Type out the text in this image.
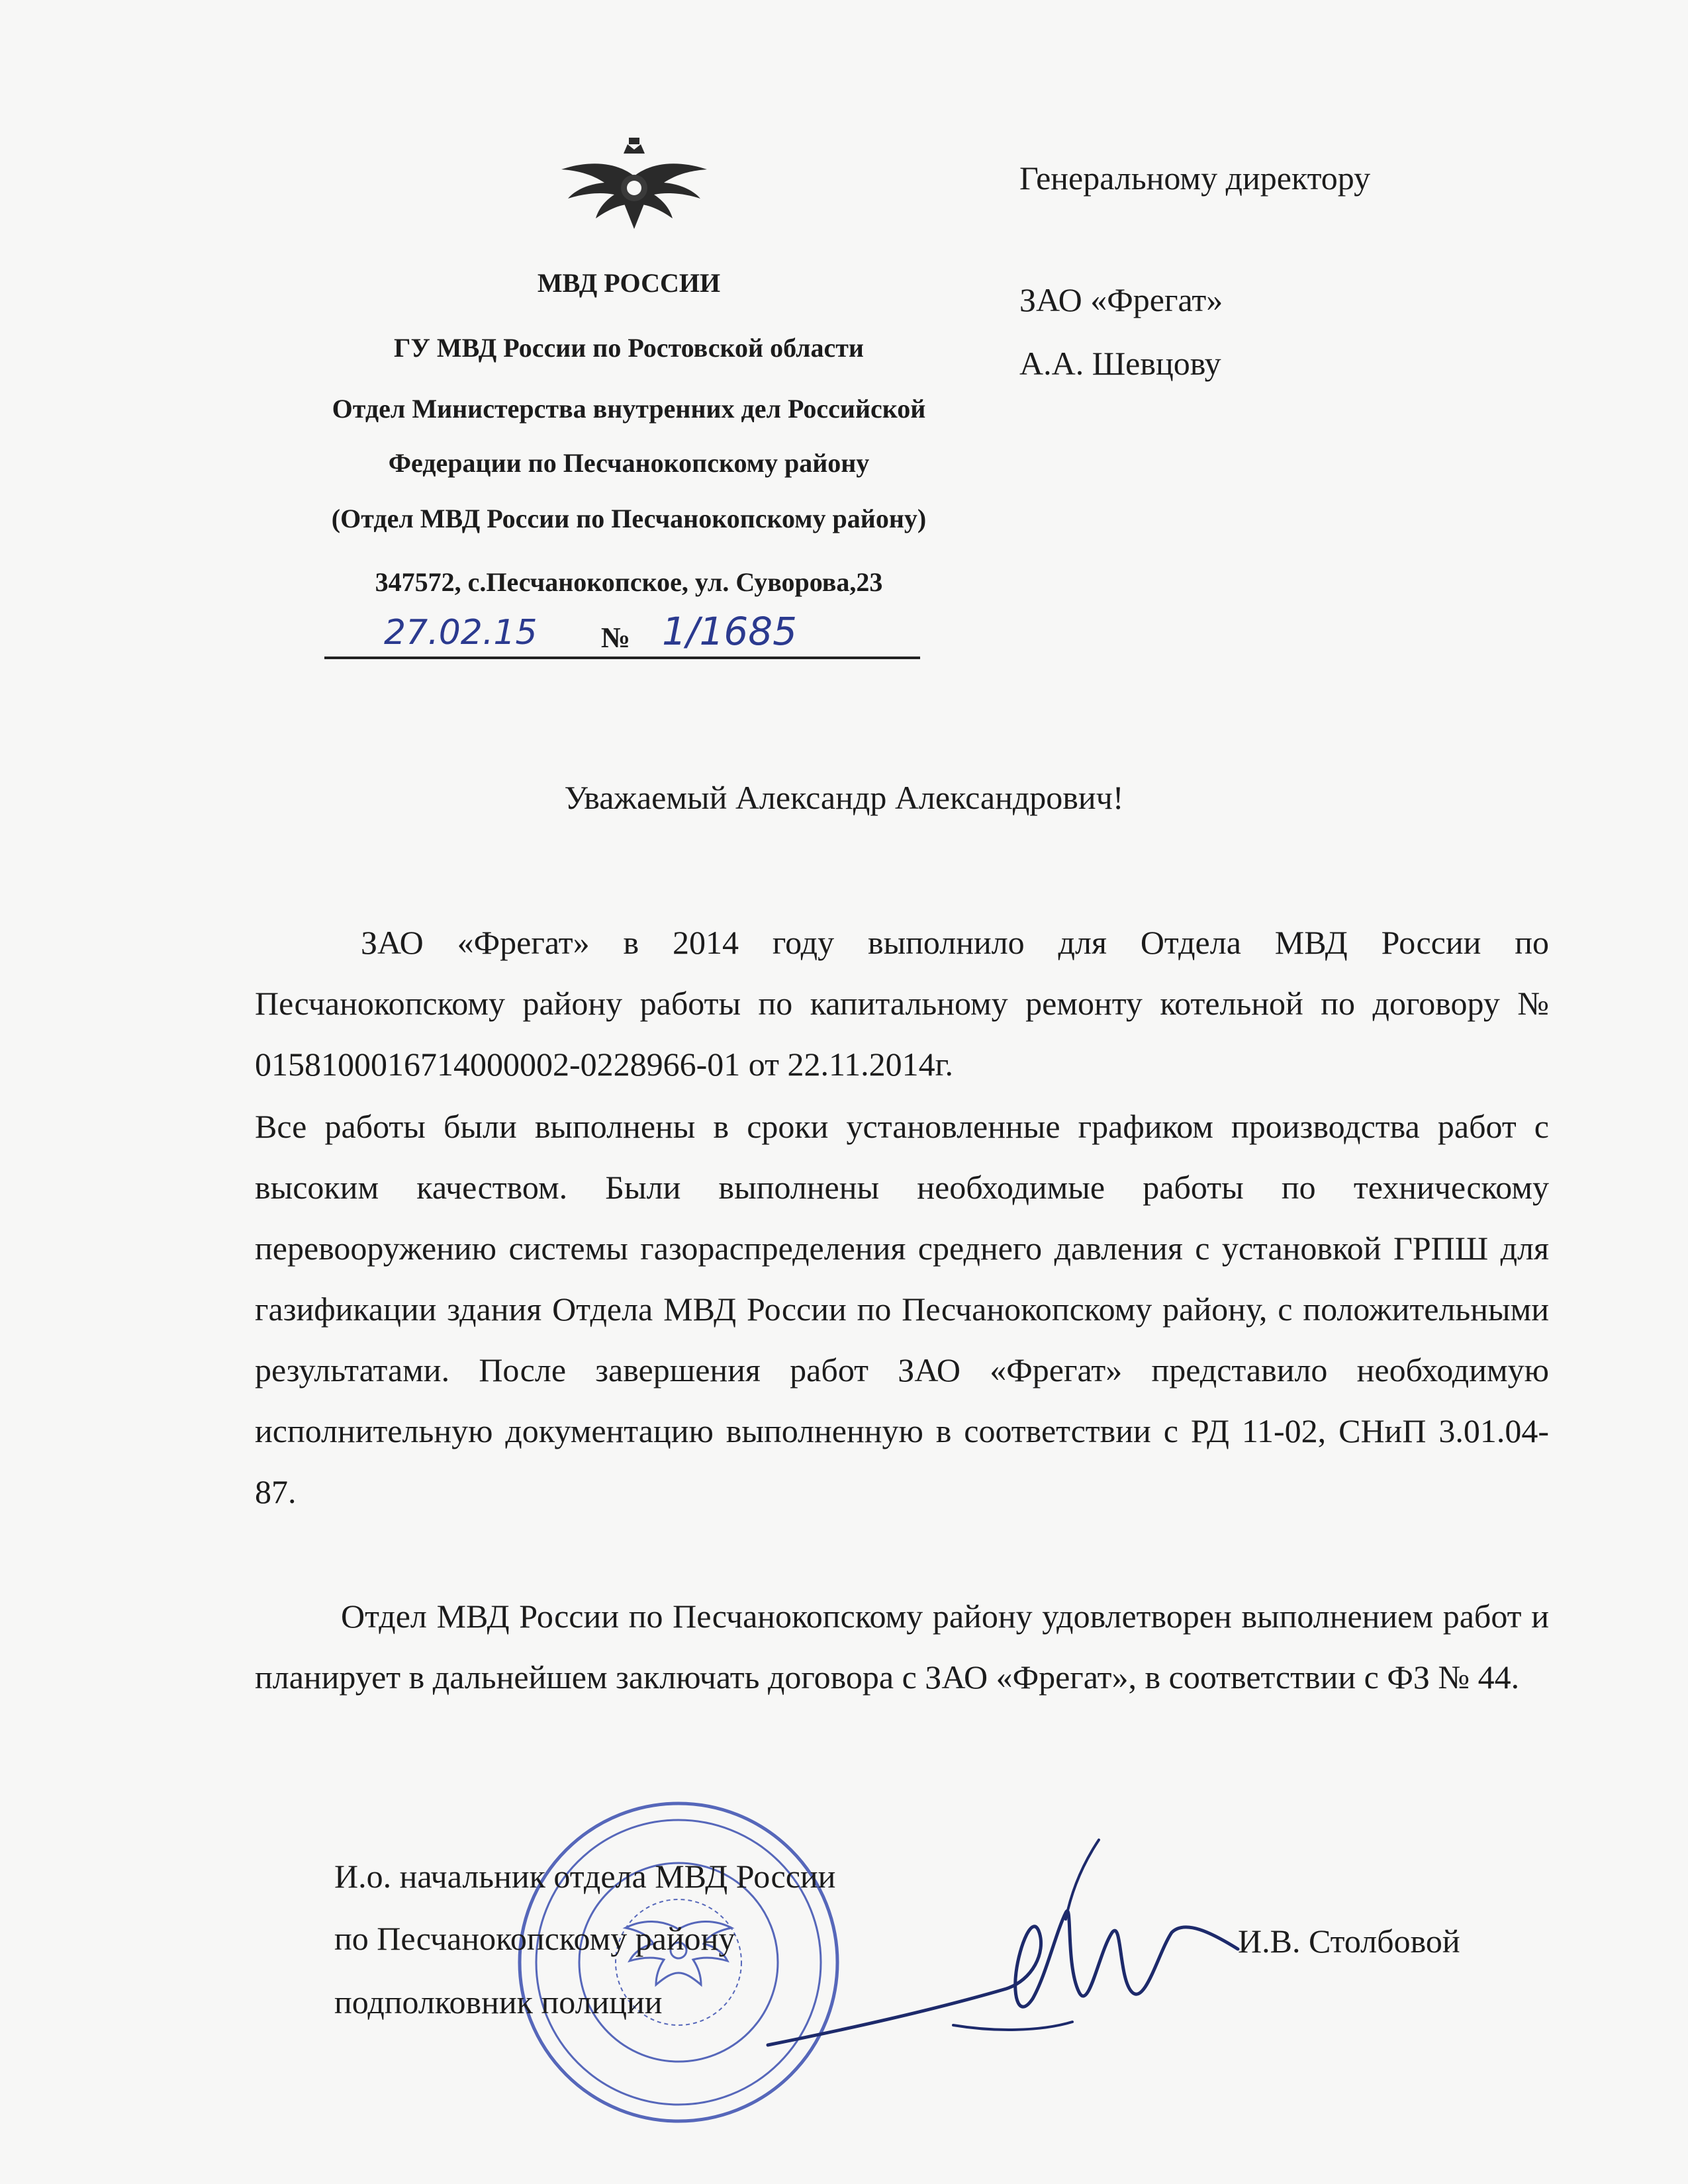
МВД РОССИИ
ГУ МВД России по Ростовской области
Отдел Министерства внутренних дел Российской
Федерации по Песчанокопскому району
(Отдел МВД России по Песчанокопскому району)
347572, с.Песчанокопское, ул. Суворова,23
27.02.15 № 1/1685
Генеральному директору
ЗАО «Фрегат»
А.А. Шевцову
Уважаемый Александр Александрович!

ЗАО «Фрегат» в 2014 году выполнило для Отдела МВД России по Песчанокопскому району работы по капитальному ремонту котельной по договору № 0158100016714000002-0228966-01 от 22.11.2014г.

Все работы были выполнены в сроки установленные графиком производства работ с высоким качеством. Были выполнены необходимые работы по техническому перевооружению системы газораспределения среднего давления с установкой ГРПШ для газификации здания Отдела МВД России по Песчанокопскому району, с положительными результатами. После завершения работ ЗАО «Фрегат» представило необходимую исполнительную документацию выполненную в соответствии с РД 11-02, СНиП 3.01.04-87.

Отдел МВД России по Песчанокопскому району удовлетворен выполнением работ и планирует в дальнейшем заключать договора с ЗАО «Фрегат», в соответствии с ФЗ № 44.

И.о. начальник отдела МВД России
по Песчанокопскому району
подполковник полиции
И.В. Столбовой
